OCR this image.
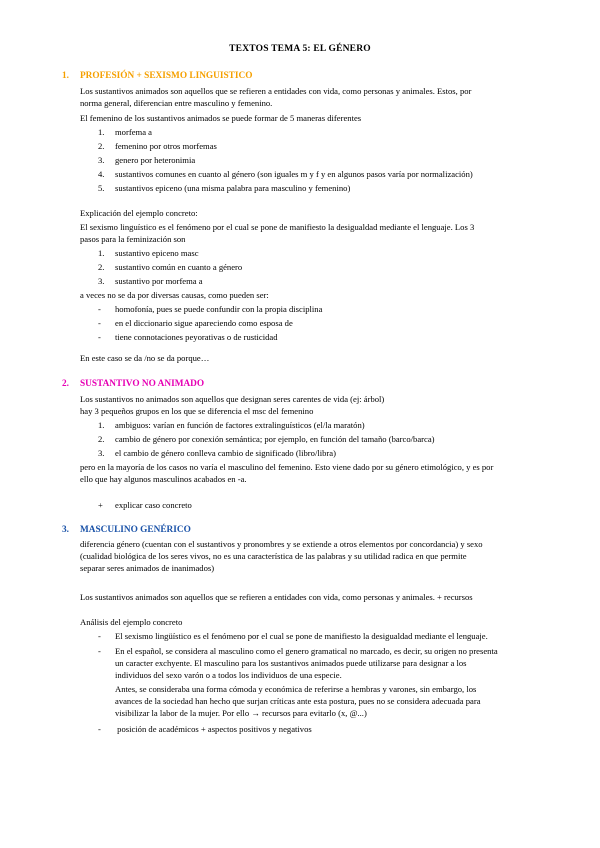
TEXTOS TEMA 5: EL GÉNERO
1. PROFESIÓN + SEXISMO LINGUISTICO
Los sustantivos animados son aquellos que se refieren a entidades con vida, como personas y animales. Estos, por
norma general, diferencian entre masculino y femenino.
El femenino de los sustantivos animados se puede formar de 5 maneras diferentes
1. morfema a
2. femenino por otros morfemas
3. genero por heteronimia
4. sustantivos comunes en cuanto al género (son iguales m y f y en algunos pasos varía por normalización)
5. sustantivos epiceno (una misma palabra para masculino y femenino)
Explicación del ejemplo concreto:
El sexismo linguístico es el fenómeno por el cual se pone de manifiesto la desigualdad mediante el lenguaje. Los 3
pasos para la feminización son
1. sustantivo epiceno masc
2. sustantivo común en cuanto a género
3. sustantivo por morfema a
a veces no se da por diversas causas, como pueden ser:
- homofonía, pues se puede confundir con la propia disciplina
- en el diccionario sigue apareciendo como esposa de
- tiene connotaciones peyorativas o de rusticidad
En este caso se da /no se da porque…
2. SUSTANTIVO NO ANIMADO
Los sustantivos no animados son aquellos que designan seres carentes de vida (ej: árbol)
hay 3 pequeños grupos en los que se diferencia el msc del femenino
1. ambiguos: varían en función de factores extralinguísticos (el/la maratón)
2. cambio de género por conexión semántica; por ejemplo, en función del tamaño (barco/barca)
3. el cambio de género conlleva cambio de significado (libro/libra)
pero en la mayoría de los casos no varía el masculino del femenino. Esto viene dado por su género etimológico, y es por
ello que hay algunos masculinos acabados en -a.
+ explicar caso concreto
3. MASCULINO GENÉRICO
diferencia género (cuentan con el sustantivos y pronombres y se extiende a otros elementos por concordancia) y sexo
(cualidad biológica de los seres vivos, no es una característica de las palabras y su utilidad radica en que permite
separar seres animados de inanimados)
Los sustantivos animados son aquellos que se refieren a entidades con vida, como personas y animales. + recursos
Análisis del ejemplo concreto
- El sexismo lingüístico es el fenómeno por el cual se pone de manifiesto la desigualdad mediante el lenguaje.
- En el español, se considera al masculino como el genero gramatical no marcado, es decir, su origen no presenta
un caracter exchyente. El masculino para los sustantivos animados puede utilizarse para designar a los
individuos del sexo varón o a todos los individuos de una especie.
Antes, se consideraba una forma cómoda y económica de referirse a hembras y varones, sin embargo, los
avances de la sociedad han hecho que surjan críticas ante esta postura, pues no se considera adecuada para
visibilizar la labor de la mujer. Por ello → recursos para evitarlo (x, @...)
- posición de académicos + aspectos positivos y negativos
